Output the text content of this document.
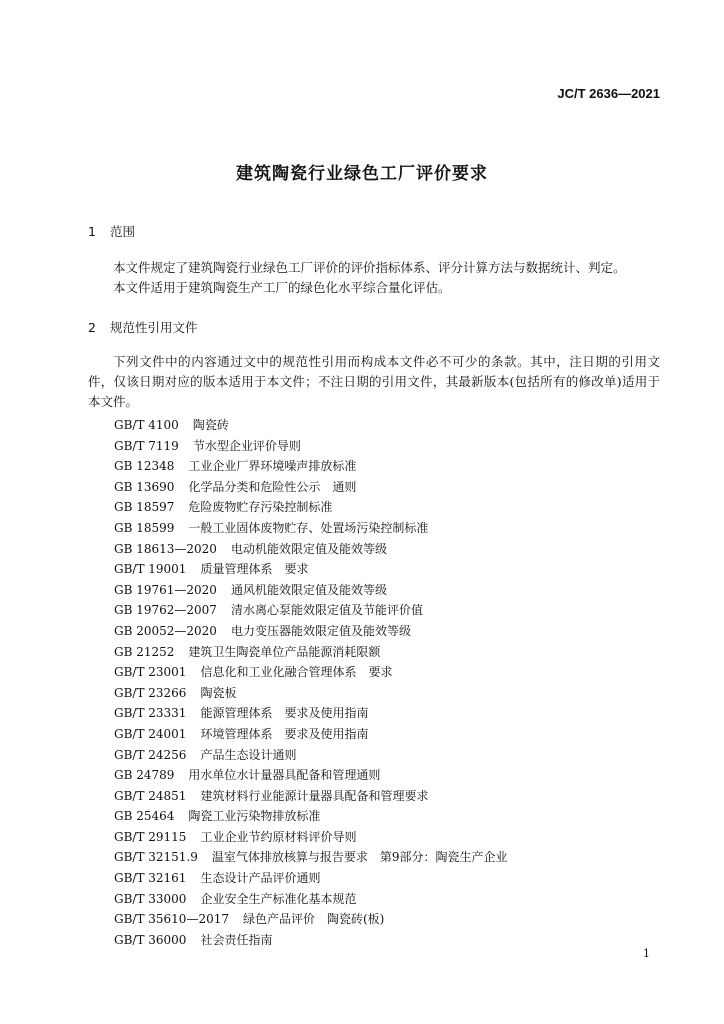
JC/T 2636—2021
建筑陶瓷行业绿色工厂评价要求
1 范围
本文件规定了建筑陶瓷行业绿色工厂评价的评价指标体系、评分计算方法与数据统计、判定。
本文件适用于建筑陶瓷生产工厂的绿色化水平综合量化评估。
2 规范性引用文件
下列文件中的内容通过文中的规范性引用而构成本文件必不可少的条款。其中，注日期的引用文件，仅该日期对应的版本适用于本文件；不注日期的引用文件，其最新版本(包括所有的修改单)适用于本文件。
GB/T 4100 陶瓷砖
GB/T 7119 节水型企业评价导则
GB 12348 工业企业厂界环境噪声排放标准
GB 13690 化学品分类和危险性公示　通则
GB 18597 危险废物贮存污染控制标准
GB 18599 一般工业固体废物贮存、处置场污染控制标准
GB 18613—2020 电动机能效限定值及能效等级
GB/T 19001 质量管理体系　要求
GB 19761—2020 通风机能效限定值及能效等级
GB 19762—2007 清水离心泵能效限定值及节能评价值
GB 20052—2020 电力变压器能效限定值及能效等级
GB 21252 建筑卫生陶瓷单位产品能源消耗限额
GB/T 23001 信息化和工业化融合管理体系　要求
GB/T 23266 陶瓷板
GB/T 23331 能源管理体系　要求及使用指南
GB/T 24001 环境管理体系　要求及使用指南
GB/T 24256 产品生态设计通则
GB 24789 用水单位水计量器具配备和管理通则
GB/T 24851 建筑材料行业能源计量器具配备和管理要求
GB 25464 陶瓷工业污染物排放标准
GB/T 29115 工业企业节约原材料评价导则
GB/T 32151.9 温室气体排放核算与报告要求　第9部分：陶瓷生产企业
GB/T 32161 生态设计产品评价通则
GB/T 33000 企业安全生产标准化基本规范
GB/T 35610—2017 绿色产品评价　陶瓷砖(板)
GB/T 36000 社会责任指南
1
